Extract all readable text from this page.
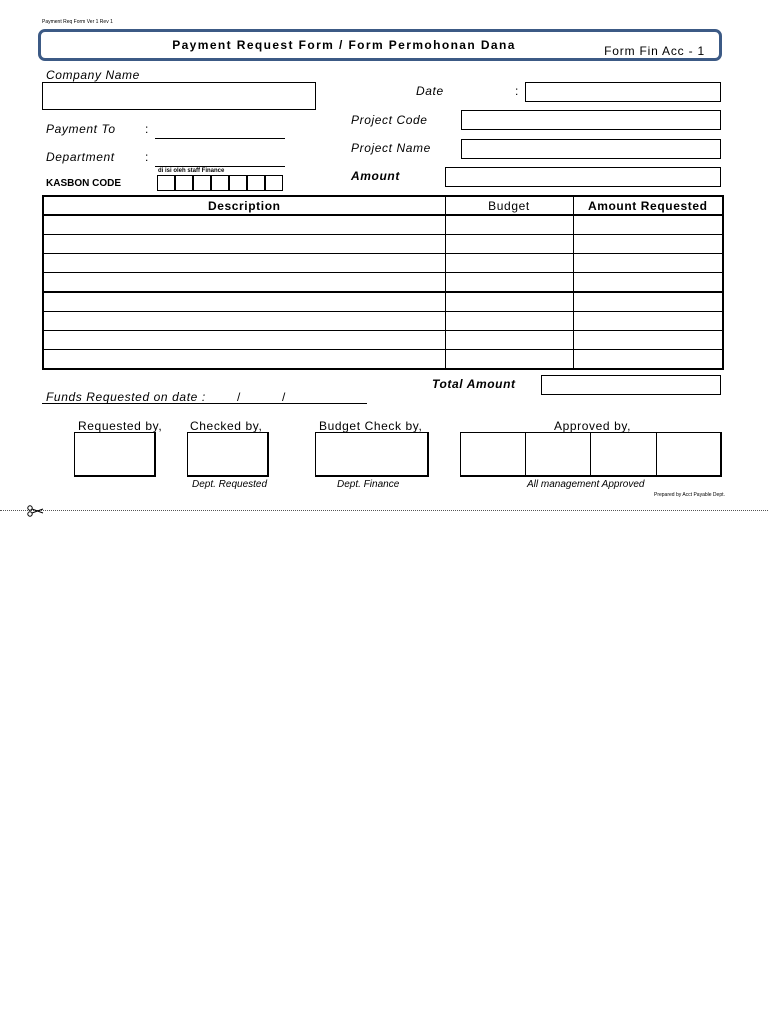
Payment Req Form Ver 1 Rev 1
Payment Request Form / Form Permohonan Dana	Form Fin Acc - 1
Company Name
Date	:
Payment To :
Project Code
Department	:
Project Name
di isi oleh staff Finance
KASBON CODE
Amount
Description	Budget	Amount Requested

Total Amount
Funds Requested on date :	/	/
Requested by, Checked by,	Budget Check by,	Approved by,
Dept. Requested	Dept. Finance	All management Approved
Prepared by Acct Payable Dept.
